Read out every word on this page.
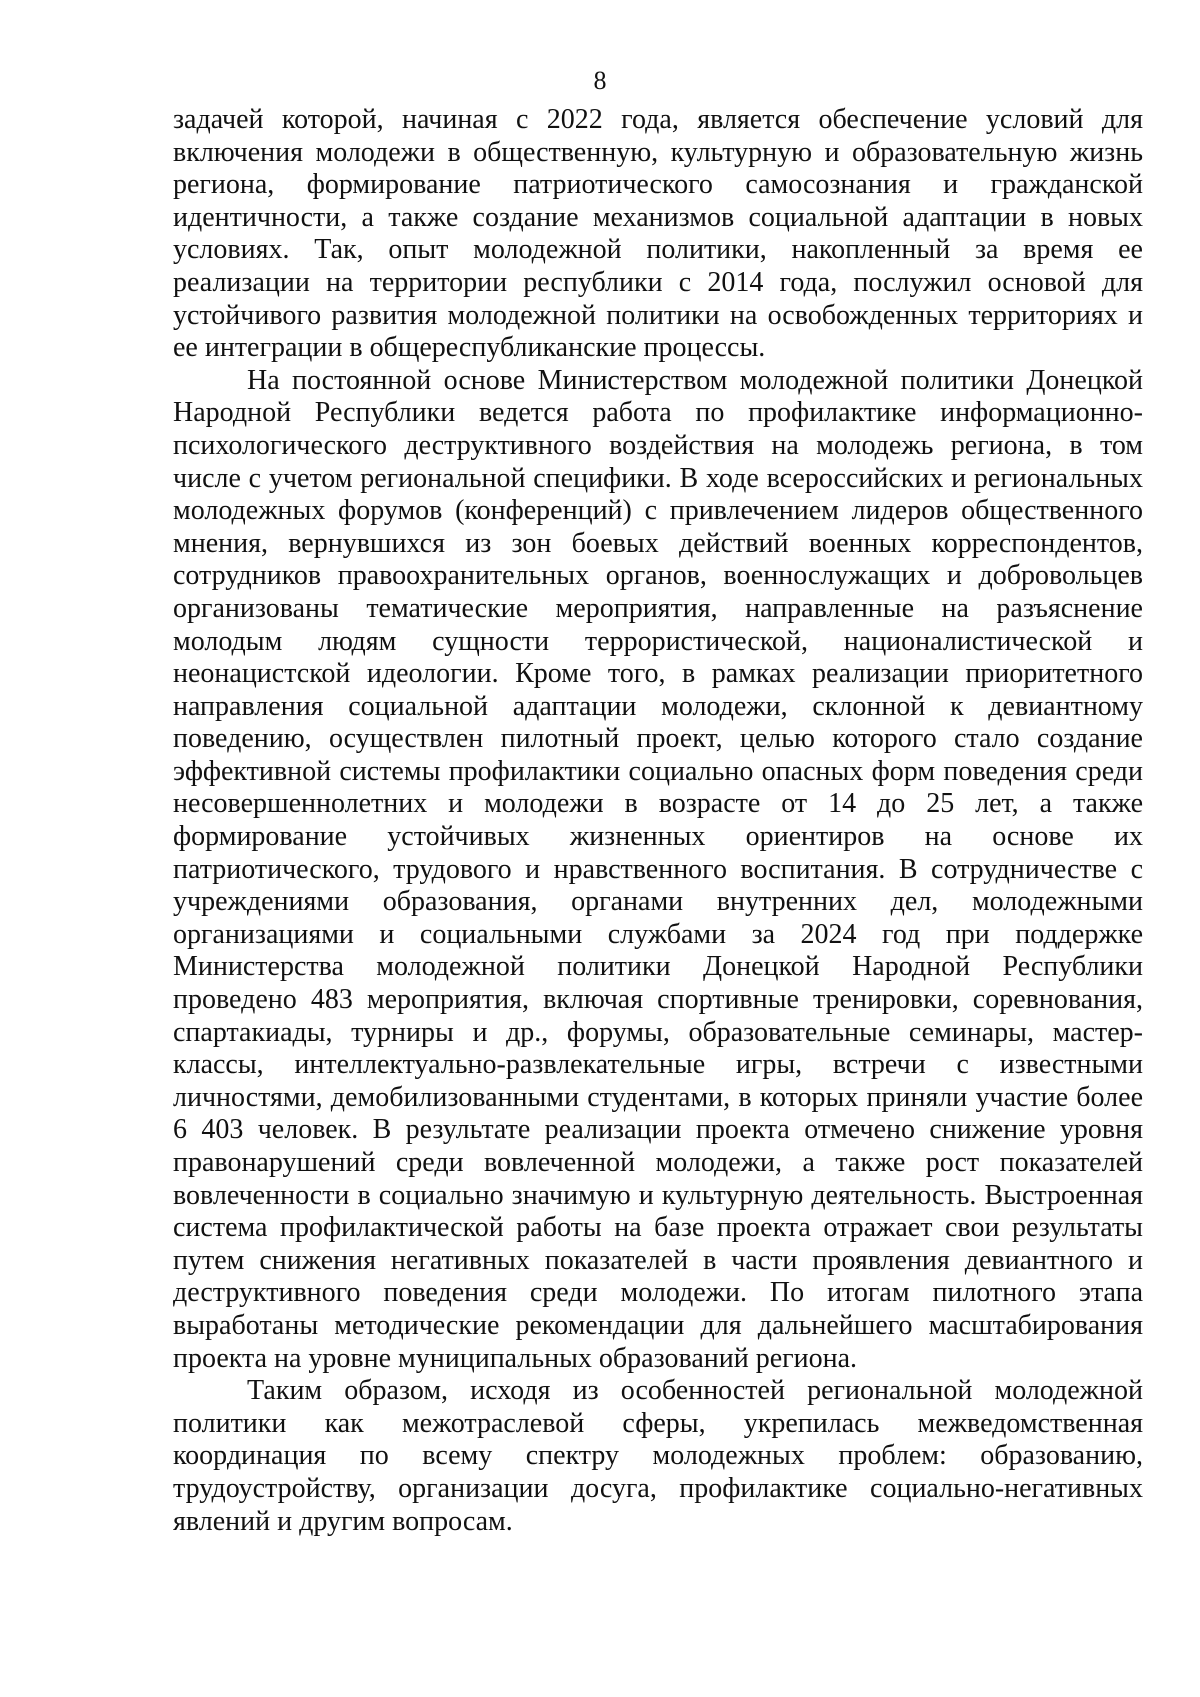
8

задачей которой, начиная с 2022 года, является обеспечение условий для включения молодежи в общественную, культурную и образовательную жизнь региона, формирование патриотического самосознания и гражданской идентичности, а также создание механизмов социальной адаптации в новых условиях. Так, опыт молодежной политики, накопленный за время ее реализации на территории республики с 2014 года, послужил основой для устойчивого развития молодежной политики на освобожденных территориях и ее интеграции в общереспубликанские процессы.

На постоянной основе Министерством молодежной политики Донецкой Народной Республики ведется работа по профилактике информационно-психологического деструктивного воздействия на молодежь региона, в том числе с учетом региональной специфики. В ходе всероссийских и региональных молодежных форумов (конференций) с привлечением лидеров общественного мнения, вернувшихся из зон боевых действий военных корреспондентов, сотрудников правоохранительных органов, военнослужащих и добровольцев организованы тематические мероприятия, направленные на разъяснение молодым людям сущности террористической, националистической и неонацистской идеологии. Кроме того, в рамках реализации приоритетного направления социальной адаптации молодежи, склонной к девиантному поведению, осуществлен пилотный проект, целью которого стало создание эффективной системы профилактики социально опасных форм поведения среди несовершеннолетних и молодежи в возрасте от 14 до 25 лет, а также формирование устойчивых жизненных ориентиров на основе их патриотического, трудового и нравственного воспитания. В сотрудничестве с учреждениями образования, органами внутренних дел, молодежными организациями и социальными службами за 2024 год при поддержке Министерства молодежной политики Донецкой Народной Республики проведено 483 мероприятия, включая спортивные тренировки, соревнования, спартакиады, турниры и др., форумы, образовательные семинары, мастер-классы, интеллектуально-развлекательные игры, встречи с известными личностями, демобилизованными студентами, в которых приняли участие более 6 403 человек. В результате реализации проекта отмечено снижение уровня правонарушений среди вовлеченной молодежи, а также рост показателей вовлеченности в социально значимую и культурную деятельность. Выстроенная система профилактической работы на базе проекта отражает свои результаты путем снижения негативных показателей в части проявления девиантного и деструктивного поведения среди молодежи. По итогам пилотного этапа выработаны методические рекомендации для дальнейшего масштабирования проекта на уровне муниципальных образований региона.

Таким образом, исходя из особенностей региональной молодежной политики как межотраслевой сферы, укрепилась межведомственная координация по всему спектру молодежных проблем: образованию, трудоустройству, организации досуга, профилактике социально-негативных явлений и другим вопросам.
